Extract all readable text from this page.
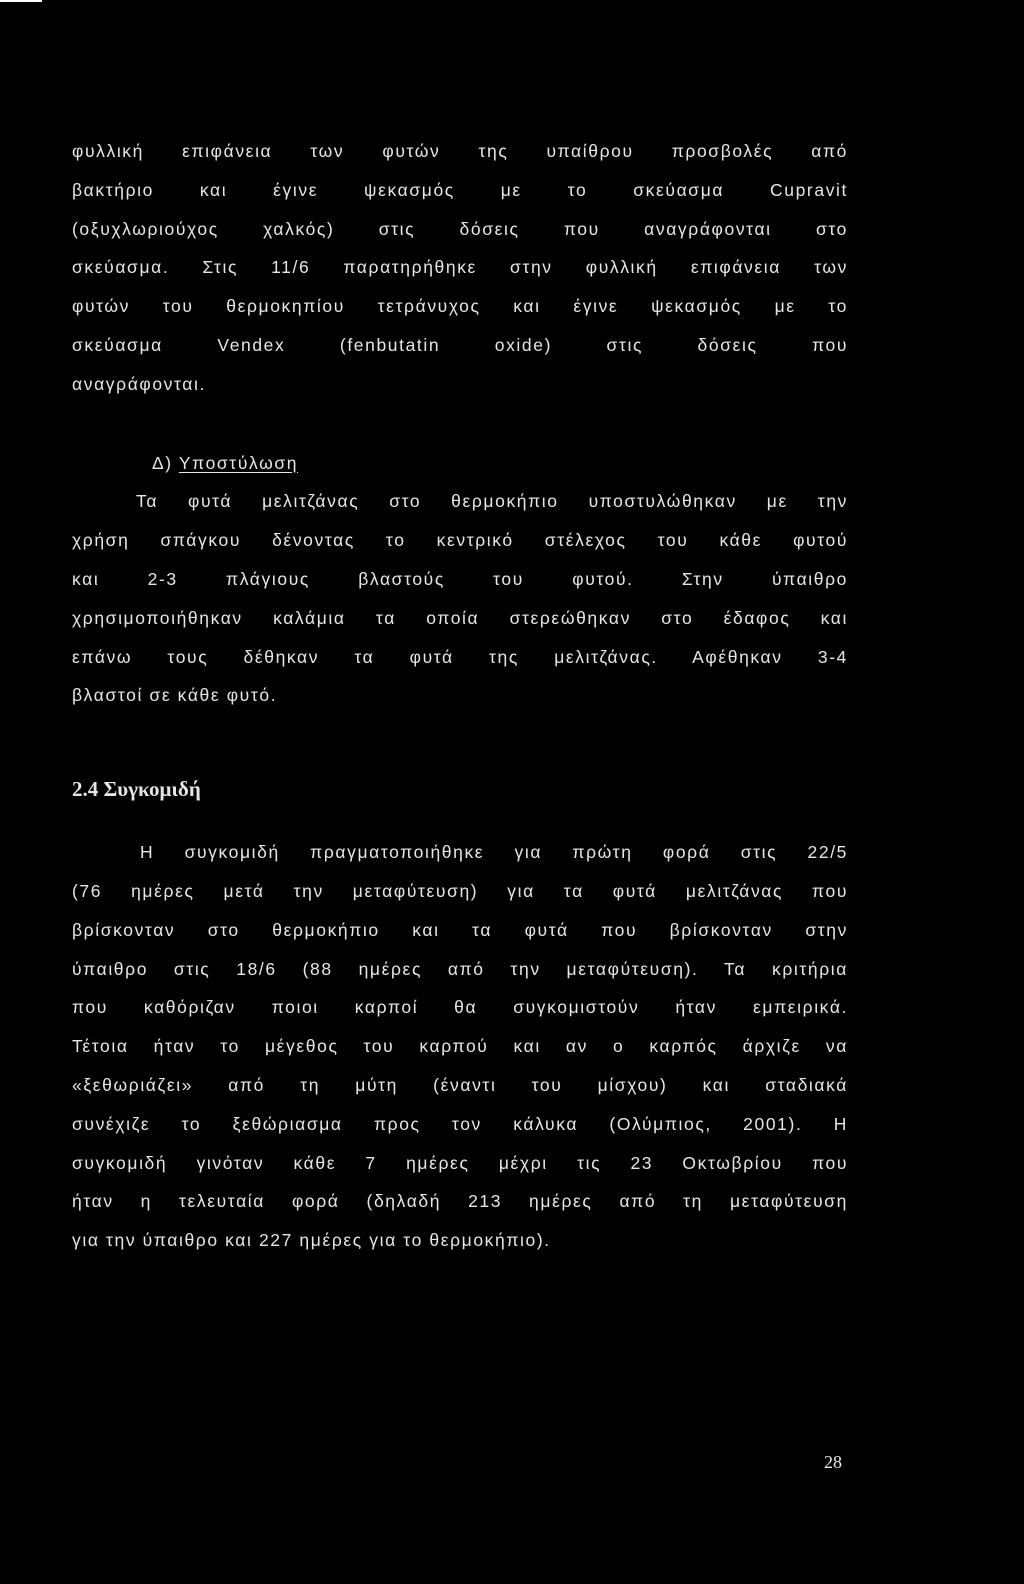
φυλλική επιφάνεια των φυτών της υπαίθρου προσβολές από
βακτήριο και έγινε ψεκασμός με το σκεύασμα Cupravit
(οξυχλωριούχος χαλκός) στις δόσεις που αναγράφονται στο
σκεύασμα. Στις 11/6 παρατηρήθηκε στην φυλλική επιφάνεια των
φυτών του θερμοκηπίου τετράνυχος και έγινε ψεκασμός με το
σκεύασμα Vendex (fenbutatin oxide) στις δόσεις που
αναγράφονται.
Δ) Υποστύλωση
Τα φυτά μελιτζάνας στο θερμοκήπιο υποστυλώθηκαν με την
χρήση σπάγκου δένοντας το κεντρικό στέλεχος του κάθε φυτού
και 2-3 πλάγιους βλαστούς του φυτού. Στην ύπαιθρο
χρησιμοποιήθηκαν καλάμια τα οποία στερεώθηκαν στο έδαφος και
επάνω τους δέθηκαν τα φυτά της μελιτζάνας. Αφέθηκαν 3-4
βλαστοί σε κάθε φυτό.
2.4 Συγκομιδή
Η συγκομιδή πραγματοποιήθηκε για πρώτη φορά στις 22/5
(76 ημέρες μετά την μεταφύτευση) για τα φυτά μελιτζάνας που
βρίσκονταν στο θερμοκήπιο και τα φυτά που βρίσκονταν στην
ύπαιθρο στις 18/6 (88 ημέρες από την μεταφύτευση). Τα κριτήρια
που καθόριζαν ποιοι καρποί θα συγκομιστούν ήταν εμπειρικά.
Τέτοια ήταν το μέγεθος του καρπού και αν ο καρπός άρχιζε να
«ξεθωριάζει» από τη μύτη (έναντι του μίσχου) και σταδιακά
συνέχιζε το ξεθώριασμα προς τον κάλυκα (Ολύμπιος, 2001). Η
συγκομιδή γινόταν κάθε 7 ημέρες μέχρι τις 23 Οκτωβρίου που
ήταν η τελευταία φορά (δηλαδή 213 ημέρες από τη μεταφύτευση
για την ύπαιθρο και 227 ημέρες για το θερμοκήπιο).
28
